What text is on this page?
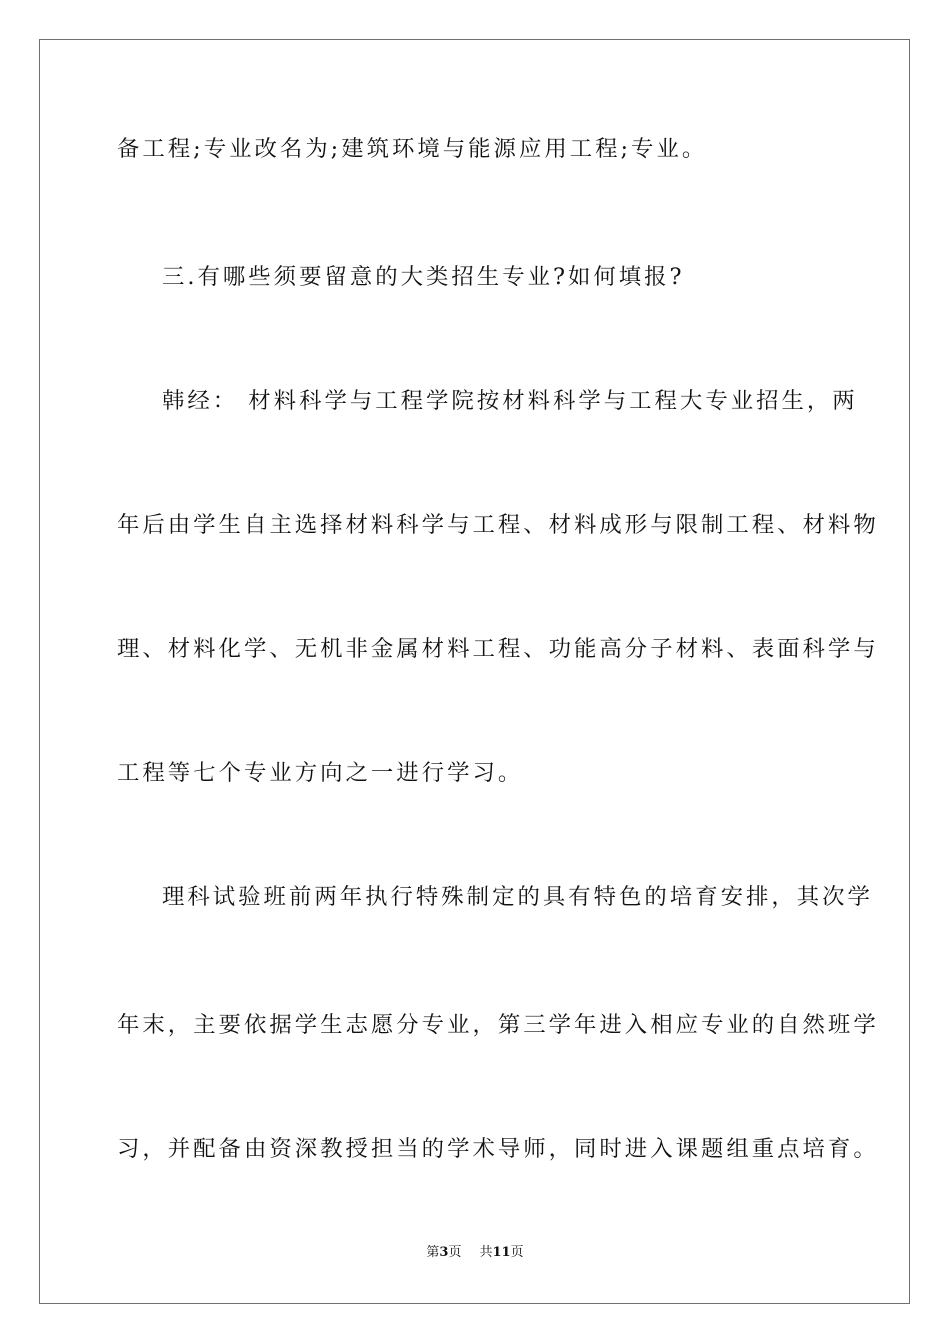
备工程;专业改名为;建筑环境与能源应用工程;专业。
三.有哪些须要留意的大类招生专业?如何填报?
韩经： 材料科学与工程学院按材料科学与工程大专业招生，两
年后由学生自主选择材料科学与工程、材料成形与限制工程、材料物
理、材料化学、无机非金属材料工程、功能高分子材料、表面科学与
工程等七个专业方向之一进行学习。
理科试验班前两年执行特殊制定的具有特色的培育安排，其次学
年末，主要依据学生志愿分专业，第三学年进入相应专业的自然班学
习，并配备由资深教授担当的学术导师，同时进入课题组重点培育。
第3页 共11页
